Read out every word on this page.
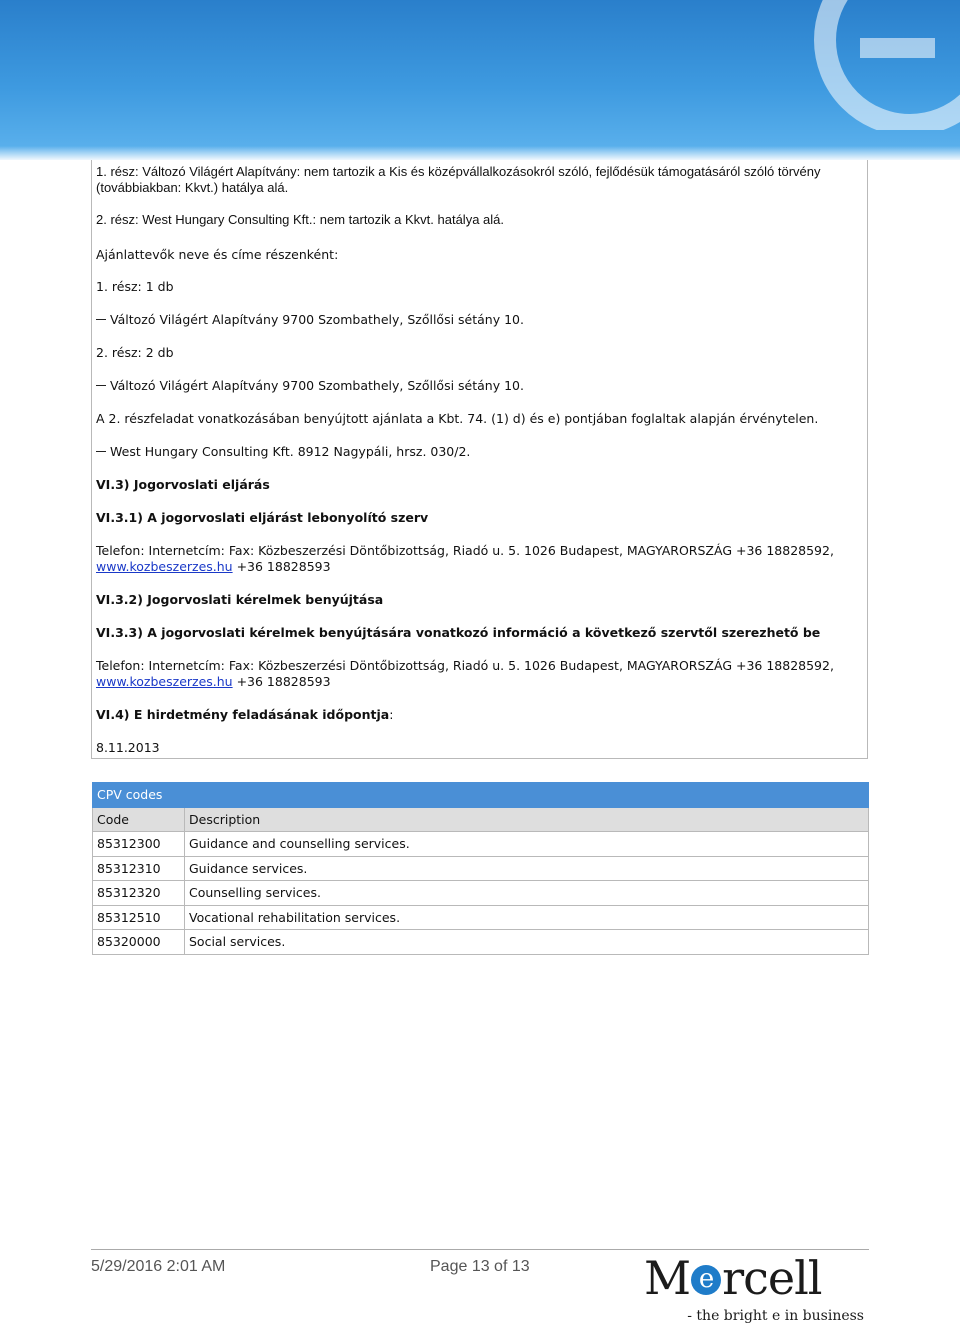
1. rész: Változó Világért Alapítvány: nem tartozik a Kis és középvállalkozásokról szóló, fejlődésük támogatásáról szóló törvény
(továbbiakban: Kkvt.) hatálya alá.
2. rész: West Hungary Consulting Kft.: nem tartozik a Kkvt. hatálya alá.
Ajánlattevők neve és címe részenként:
1. rész: 1 db
Változó Világért Alapítvány 9700 Szombathely, Szőllősi sétány 10.
2. rész: 2 db
Változó Világért Alapítvány 9700 Szombathely, Szőllősi sétány 10.
A 2. részfeladat vonatkozásában benyújtott ajánlata a Kbt. 74. (1) d) és e) pontjában foglaltak alapján érvénytelen.
West Hungary Consulting Kft. 8912 Nagypáli, hrsz. 030/2.
VI.3) Jogorvoslati eljárás
VI.3.1) A jogorvoslati eljárást lebonyolító szerv
Telefon: Internetcím: Fax: Közbeszerzési Döntőbizottság, Riadó u. 5. 1026 Budapest, MAGYARORSZÁG +36 18828592,
www.kozbeszerzes.hu +36 18828593
VI.3.2) Jogorvoslati kérelmek benyújtása
VI.3.3) A jogorvoslati kérelmek benyújtására vonatkozó információ a következő szervtől szerezhető be
Telefon: Internetcím: Fax: Közbeszerzési Döntőbizottság, Riadó u. 5. 1026 Budapest, MAGYARORSZÁG +36 18828592,
www.kozbeszerzes.hu +36 18828593
VI.4) E hirdetmény feladásának időpontja:
8.11.2013
CPV codes	
Code	Description
85312300	Guidance and counselling services.
85312310	Guidance services.
85312320	Counselling services.
85312510	Vocational rehabilitation services.
85320000	Social services.
5/29/2016 2:01 AM	Page 13 of 13 M e rcell
- the bright e in business
